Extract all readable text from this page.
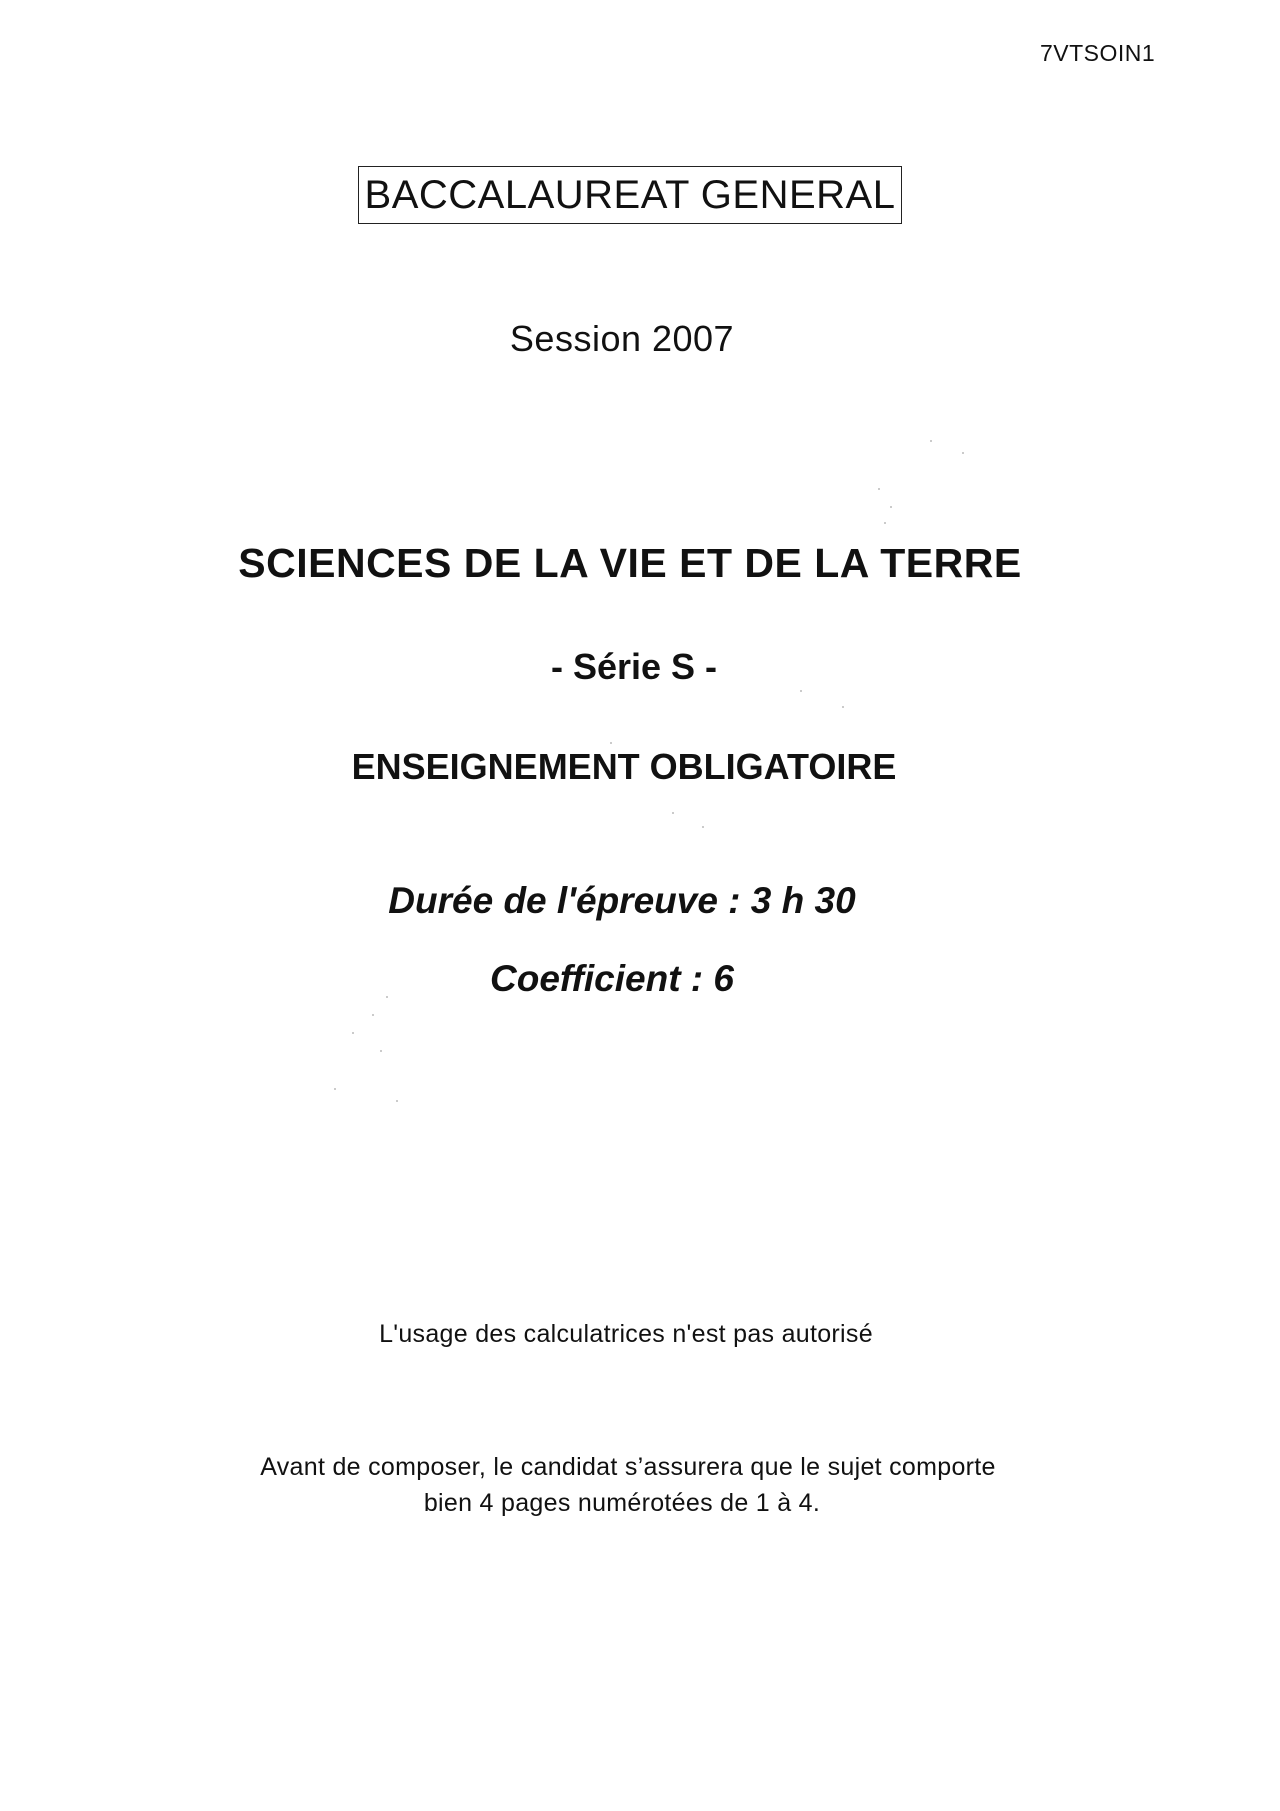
7VTSOIN1
BACCALAUREAT GENERAL
Session 2007
SCIENCES DE LA VIE ET DE LA TERRE
- Série S -
ENSEIGNEMENT OBLIGATOIRE
Durée de l'épreuve : 3 h 30
Coefficient : 6
L'usage des calculatrices n'est pas autorisé
Avant de composer, le candidat s’assurera que le sujet comporte
bien 4 pages numérotées de 1 à 4.
